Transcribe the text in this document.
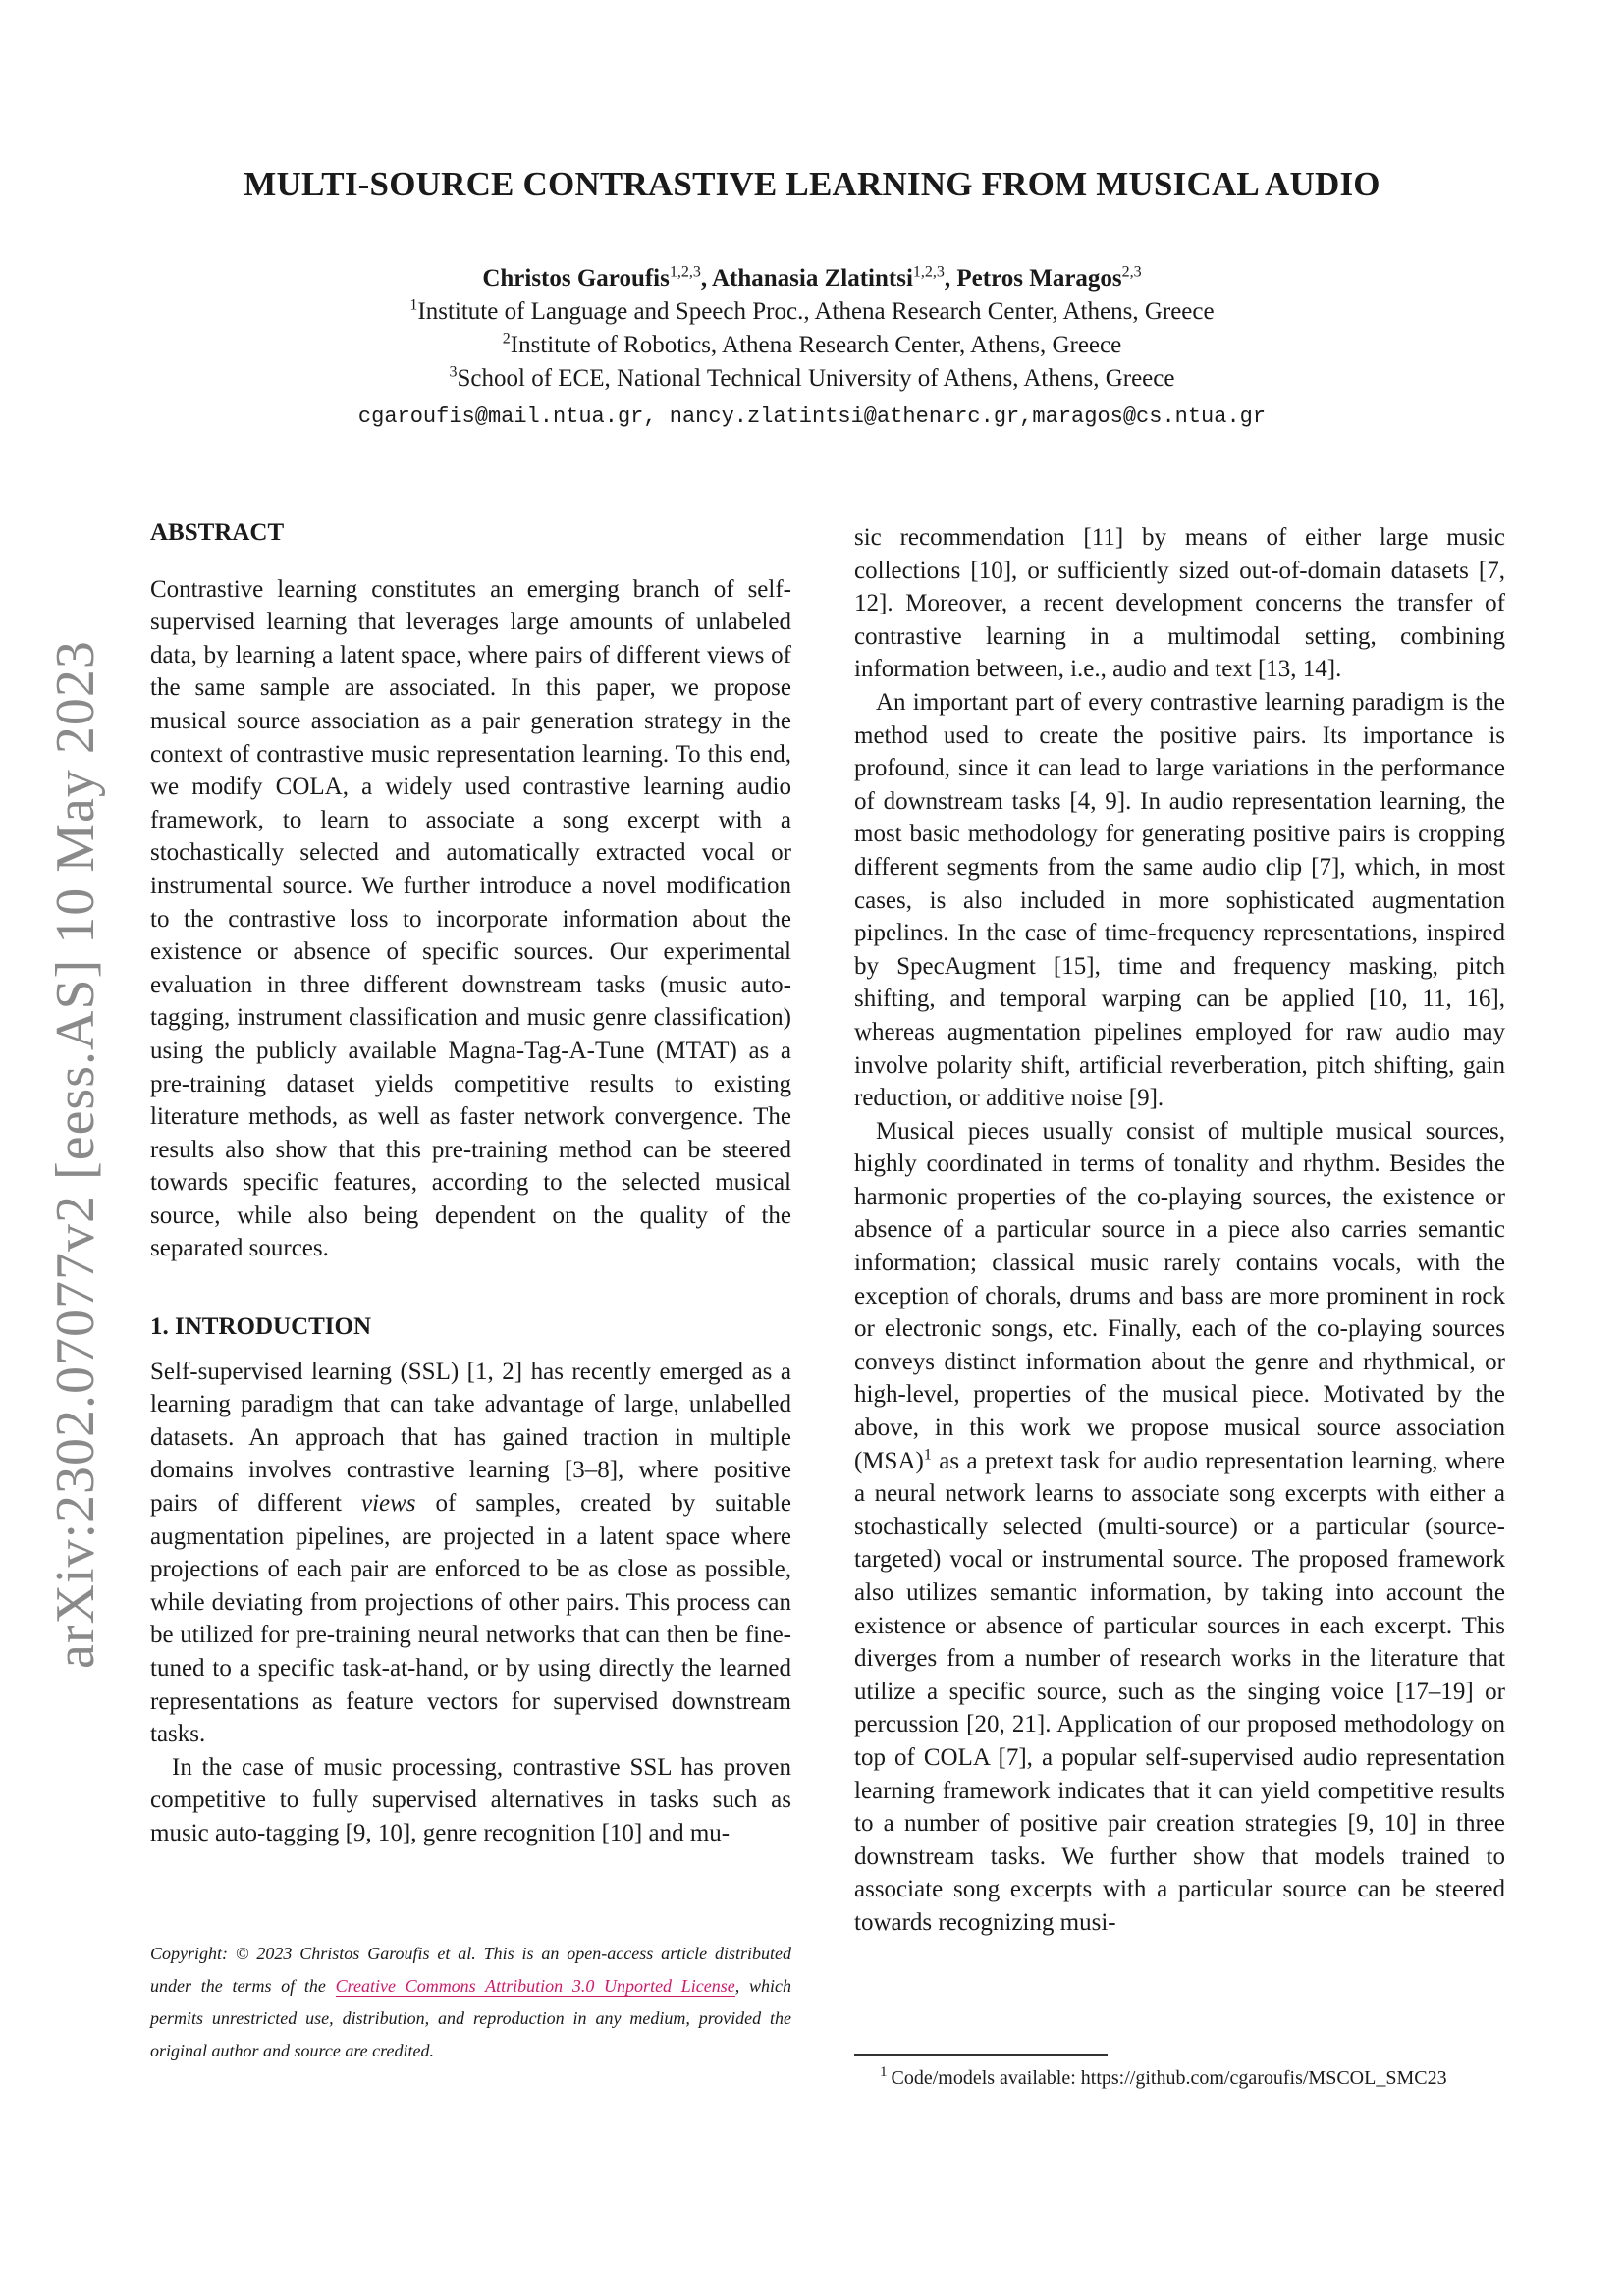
arXiv:2302.07077v2 [eess.AS] 10 May 2023
MULTI-SOURCE CONTRASTIVE LEARNING FROM MUSICAL AUDIO
Christos Garoufis$^{1,2,3}$, Athanasia Zlatintsi$^{1,2,3}$, Petros Maragos$^{2,3}$
$^1$Institute of Language and Speech Proc., Athena Research Center, Athens, Greece
$^2$Institute of Robotics, Athena Research Center, Athens, Greece
$^3$School of ECE, National Technical University of Athens, Athens, Greece
cgaroufis@mail.ntua.gr, nancy.zlatintsi@athenarc.gr,maragos@cs.ntua.gr

ABSTRACT

Contrastive learning constitutes an emerging branch of self-supervised learning that leverages large amounts of unlabeled data, by learning a latent space, where pairs of different views of the same sample are associated. In this paper, we propose musical source association as a pair generation strategy in the context of contrastive music representation learning. To this end, we modify COLA, a widely used contrastive learning audio framework, to learn to associate a song excerpt with a stochastically selected and automatically extracted vocal or instrumental source. We further introduce a novel modification to the contrastive loss to incorporate information about the existence or absence of specific sources. Our experimental evaluation in three different downstream tasks (music auto-tagging, instrument classification and music genre classification) using the publicly available Magna-Tag-A-Tune (MTAT) as a pre-training dataset yields competitive results to existing literature methods, as well as faster network convergence. The results also show that this pre-training method can be steered towards specific features, according to the selected musical source, while also being dependent on the quality of the separated sources.

1. INTRODUCTION

Self-supervised learning (SSL) [1, 2] has recently emerged as a learning paradigm that can take advantage of large, unlabelled datasets. An approach that has gained traction in multiple domains involves contrastive learning [3–8], where positive pairs of different views of samples, created by suitable augmentation pipelines, are projected in a latent space where projections of each pair are enforced to be as close as possible, while deviating from projections of other pairs. This process can be utilized for pre-training neural networks that can then be fine-tuned to a specific task-at-hand, or by using directly the learned representations as feature vectors for supervised downstream tasks.

In the case of music processing, contrastive SSL has proven competitive to fully supervised alternatives in tasks such as music auto-tagging [9, 10], genre recognition [10] and mu-

Copyright: © 2023 Christos Garoufis et al. This is an open-access article distributed under the terms of the Creative Commons Attribution 3.0 Unported License, which permits unrestricted use, distribution, and reproduction in any medium, provided the original author and source are credited.

sic recommendation [11] by means of either large music collections [10], or sufficiently sized out-of-domain datasets [7, 12]. Moreover, a recent development concerns the transfer of contrastive learning in a multimodal setting, combining information between, i.e., audio and text [13, 14].

An important part of every contrastive learning paradigm is the method used to create the positive pairs. Its importance is profound, since it can lead to large variations in the performance of downstream tasks [4, 9]. In audio representation learning, the most basic methodology for generating positive pairs is cropping different segments from the same audio clip [7], which, in most cases, is also included in more sophisticated augmentation pipelines. In the case of time-frequency representations, inspired by SpecAugment [15], time and frequency masking, pitch shifting, and temporal warping can be applied [10, 11, 16], whereas augmentation pipelines employed for raw audio may involve polarity shift, artificial reverberation, pitch shifting, gain reduction, or additive noise [9].

Musical pieces usually consist of multiple musical sources, highly coordinated in terms of tonality and rhythm. Besides the harmonic properties of the co-playing sources, the existence or absence of a particular source in a piece also carries semantic information; classical music rarely contains vocals, with the exception of chorals, drums and bass are more prominent in rock or electronic songs, etc. Finally, each of the co-playing sources conveys distinct information about the genre and rhythmical, or high-level, properties of the musical piece. Motivated by the above, in this work we propose musical source association (MSA)$^1$ as a pretext task for audio representation learning, where a neural network learns to associate song excerpts with either a stochastically selected (multi-source) or a particular (source-targeted) vocal or instrumental source. The proposed framework also utilizes semantic information, by taking into account the existence or absence of particular sources in each excerpt. This diverges from a number of research works in the literature that utilize a specific source, such as the singing voice [17–19] or percussion [20, 21]. Application of our proposed methodology on top of COLA [7], a popular self-supervised audio representation learning framework indicates that it can yield competitive results to a number of positive pair creation strategies [9, 10] in three downstream tasks. We further show that models trained to associate song excerpts with a particular source can be steered towards recognizing musi-

$^1$ Code/models available: https://github.com/cgaroufis/MSCOL_SMC23
